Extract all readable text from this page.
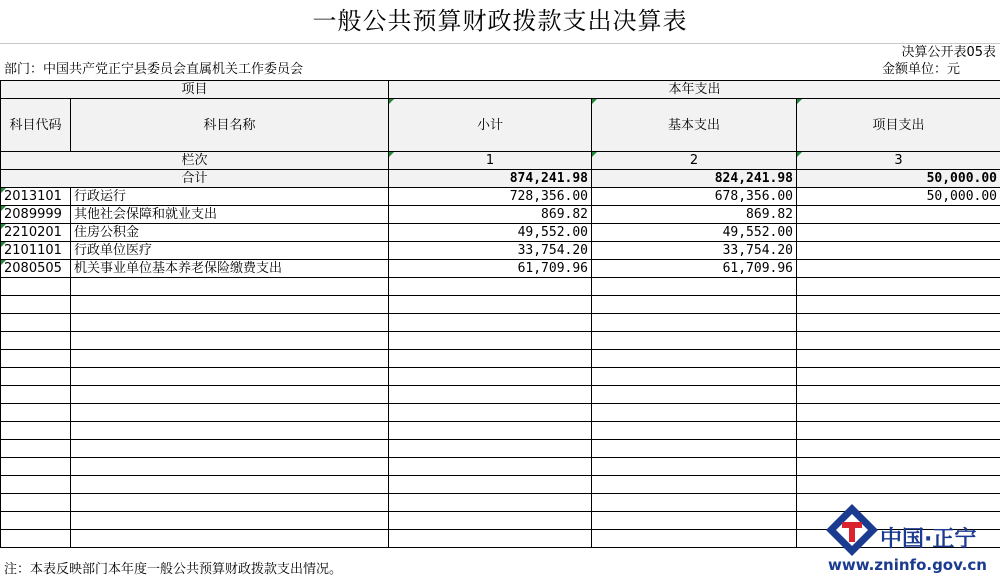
一般公共预算财政拨款支出决算表
决算公开表05表
部门：中国共产党正宁县委员会直属机关工作委员会	金额单位：元
项目		本年支出		
科目代码	科目名称	小计	基本支出	项目支出
栏次		1	2	3
合计		874,241.98	824,241.98	50,000.00
2013101	行政运行	728,356.00	678,356.00	50,000.00
2089999	其他社会保障和就业支出	869.82	869.82	
2210201	住房公积金	49,552.00	49,552.00	
2101101	行政单位医疗	33,754.20	33,754.20	
2080505	机关事业单位基本养老保险缴费支出	61,709.96	61,709.96	

注：本表反映部门本年度一般公共预算财政拨款支出情况。
中国·正宁
www.zninfo.gov.cn
